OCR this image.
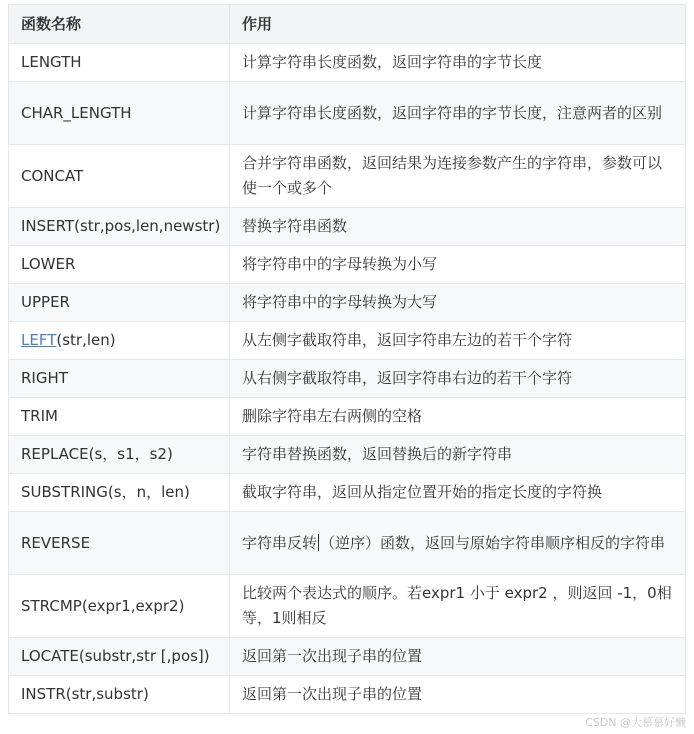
函数名称	作用
LENGTH	计算字符串长度函数，返回字符串的字节长度
CHAR_LENGTH	计算字符串长度函数，返回字符串的字节长度，注意两者的区别
CONCAT	合并字符串函数，返回结果为连接参数产生的字符串，参数可以使一个或多个
INSERT(str,pos,len,newstr)	替换字符串函数
LOWER	将字符串中的字母转换为小写
UPPER	将字符串中的字母转换为大写
LEFT(str,len)	从左侧字截取符串，返回字符串左边的若干个字符
RIGHT	从右侧字截取符串，返回字符串右边的若干个字符
TRIM	删除字符串左右两侧的空格
REPLACE(s，s1，s2)	字符串替换函数，返回替换后的新字符串
SUBSTRING(s，n，len)	截取字符串，返回从指定位置开始的指定长度的字符换
REVERSE	字符串反转 （逆序）函数，返回与原始字符串顺序相反的字符串
STRCMP(expr1,expr2)	比较两个表达式的顺序。若expr1 小于 expr2 ，则返回 -1，0相等，1则相反
LOCATE(substr,str [,pos])	返回第一次出现子串的位置
INSTR(str,substr)	返回第一次出现子串的位置
CSDN @大慕慕好懒
